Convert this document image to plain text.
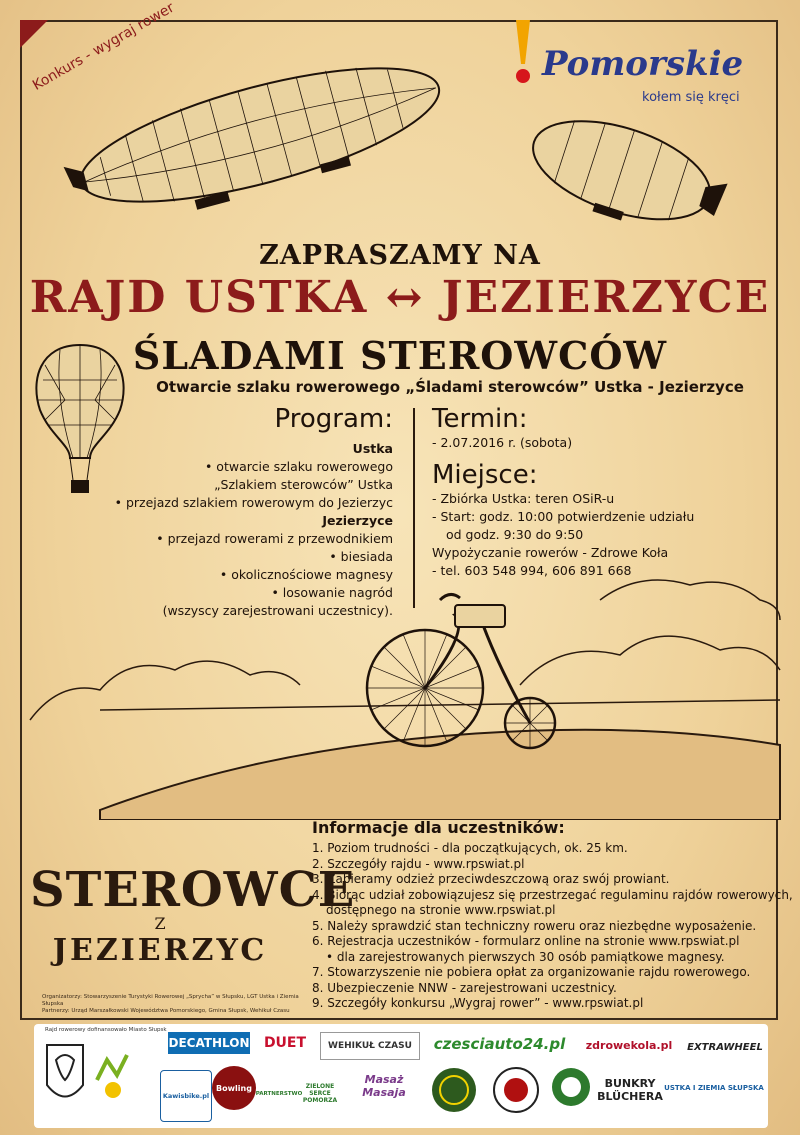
Konkurs - wygraj rower	Pomorskie
kołem się kręci
ZAPRASZAMY NA
RAJD USTKA ↔ JEZIERZYCE
ŚLADAMI STEROWCÓW
Otwarcie szlaku rowerowego „Śladami sterowców” Ustka - Jezierzyce
Program:
Ustka
• otwarcie szlaku rowerowego
„Szlakiem sterowców” Ustka
• przejazd szlakiem rowerowym do Jezierzyc
Jezierzyce
• przejazd rowerami z przewodnikiem
• biesiada
• okolicznościowe magnesy
• losowanie nagród
(wszyscy zarejestrowani uczestnicy).
Termin:
- 2.07.2016 r. (sobota)
Miejsce:
- Zbiórka Ustka: teren OSiR-u
- Start: godz. 10:00 potwierdzenie udziału
od godz. 9:30 do 9:50
Wypożyczanie rowerów - Zdrowe Koła
- tel. 603 548 994, 606 891 668
Informacje dla uczestników:
1. Poziom trudności - dla początkujących, ok. 25 km.
2. Szczegóły rajdu - www.rpswiat.pl
3. Zabieramy odzież przeciwdeszczową oraz swój prowiant.
4. Biorąc udział zobowiązujesz się przestrzegać regulaminu rajdów rowerowych,
dostępnego na stronie www.rpswiat.pl
5. Należy sprawdzić stan techniczny roweru oraz niezbędne wyposażenie.
6. Rejestracja uczestników - formularz online na stronie www.rpswiat.pl
• dla zarejestrowanych pierwszych 30 osób pamiątkowe magnesy.
7. Stowarzyszenie nie pobiera opłat za organizowanie rajdu rowerowego.
8. Ubezpieczenie NNW - zarejestrowani uczestnicy.
9. Szczegóły konkursu „Wygraj rower” - www.rpswiat.pl
STEROWCE
Z
JEZIERZYC
Organizatorzy: Stowarzyszenie Turystyki Rowerowej „Sprycha” w Słupsku, LGT Ustka i Ziemia Słupska
Partnerzy: Urząd Marszałkowski Województwa Pomorskiego, Gmina Słupsk, Wehikuł Czasu
Rajd rowerowy dofinansowało Miasto Słupsk
DECATHLON	DUET	WEHIKUŁ CZASU	czesciauto24.pl	zdrowekola.pl	EXTRAWHEEL
Kawisbike.pl
Bowling
PARTNERSTWO
ZIELONE SERCE POMORZA
Masaż Masaja
BUNKRY BLÜCHERA
USTKA I ZIEMIA SŁUPSKA
